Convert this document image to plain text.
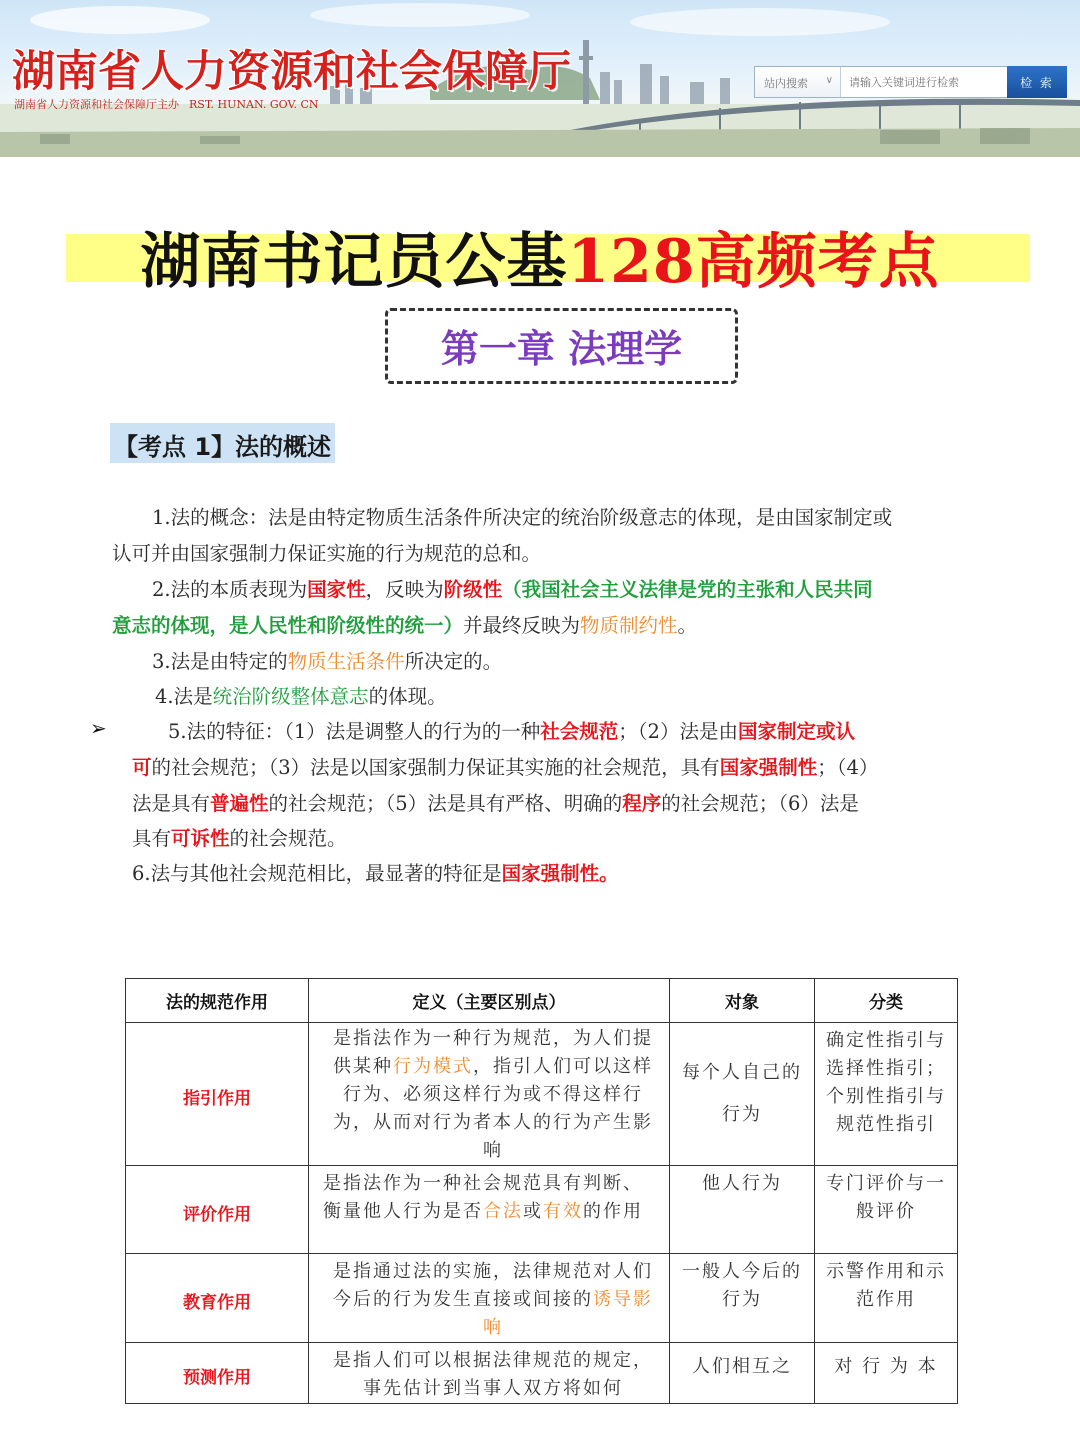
湖南省人力资源和社会保障厅
湖南省人力资源和社会保障厅主办 RST. HUNAN. GOV. CN
站内搜索 ∨
请输入关键词进行检索	检 索
湖南书记员公基128高频考点
第一章 法理学
【考点 1】法的概述
1.法的概念：法是由特定物质生活条件所决定的统治阶级意志的体现，是由国家制定或
认可并由国家强制力保证实施的行为规范的总和。
2.法的本质表现为国家性，反映为阶级性（我国社会主义法律是党的主张和人民共同
意志的体现，是人民性和阶级性的统一）并最终反映为物质制约性。
3.法是由特定的物质生活条件所决定的。
4.法是统治阶级整体意志的体现。
➢	5.法的特征：（1）法是调整人的行为的一种社会规范；（2）法是由国家制定或认
可的社会规范；（3）法是以国家强制力保证其实施的社会规范，具有国家强制性；（4）
法是具有普遍性的社会规范；（5）法是具有严格、明确的程序的社会规范；（6）法是
具有可诉性的社会规范。
6.法与其他社会规范相比，最显著的特征是国家强制性。
法的规范作用	定义（主要区别点）	对象	分类
指引作用	是指法作为一种行为规范，为人们提供某种行为模式，指引人们可以这样行为、必须这样行为或不得这样行为，从而对行为者本人的行为产生影响	每个人自己的行为	确定性指引与选择性指引；个别性指引与规范性指引
评价作用	是指法作为一种社会规范具有判断、衡量他人行为是否合法或有效的作用	他人行为	专门评价与一般评价
教育作用	是指通过法的实施，法律规范对人们今后的行为发生直接或间接的诱导影响	一般人今后的行为	示警作用和示范作用
预测作用	是指人们可以根据法律规范的规定，事先估计到当事人双方将如何	人们相互之	对 行 为 本
